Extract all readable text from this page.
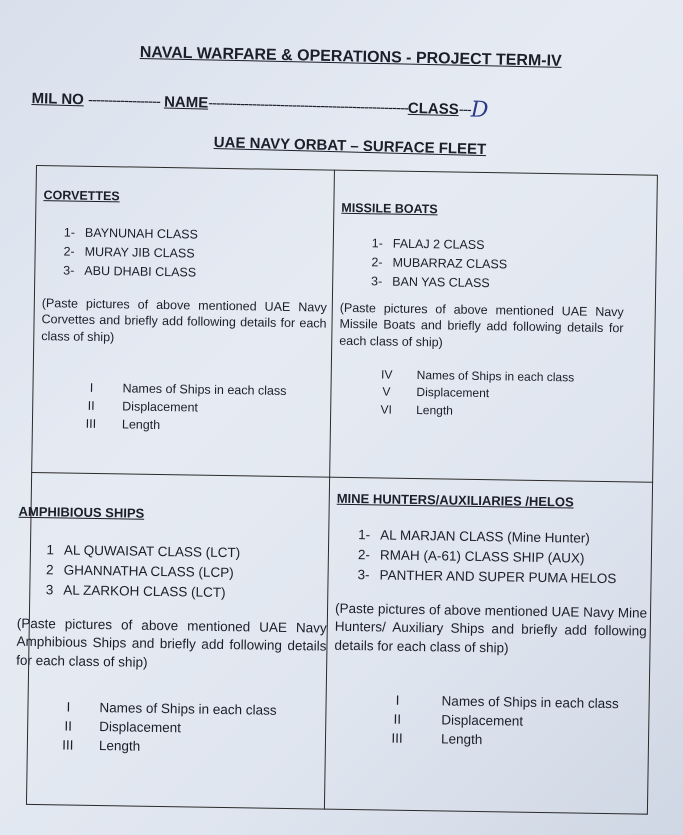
NAVAL WARFARE & OPERATIONS - PROJECT TERM-IV
MIL NO ------------------ NAME--------------------------------------------------CLASS---D
UAE NAVY ORBAT – SURFACE FLEET
CORVETTES
1- BAYNUNAH CLASS
2- MURAY JIB CLASS
3- ABU DHABI CLASS

(Paste pictures of above mentioned UAE Navy Corvettes and briefly add following details for each class of ship)

I	Names of Ships in each class
II	Displacement
III	Length
MISSILE BOATS
1- FALAJ 2 CLASS
2- MUBARRAZ CLASS
3- BAN YAS CLASS

(Paste pictures of above mentioned UAE Navy Missile Boats and briefly add following details for each class of ship)

IV	Names of Ships in each class
V	Displacement
VI	Length
AMPHIBIOUS SHIPS
1 AL QUWAISAT CLASS (LCT)
2 GHANNATHA CLASS (LCP)
3 AL ZARKOH CLASS (LCT)

(Paste pictures of above mentioned UAE Navy Amphibious Ships and briefly add following details for each class of ship)

I	Names of Ships in each class
II	Displacement
III	Length
MINE HUNTERS/AUXILIARIES /HELOS
1- AL MARJAN CLASS (Mine Hunter)
2- RMAH (A-61) CLASS SHIP (AUX)
3- PANTHER AND SUPER PUMA HELOS

(Paste pictures of above mentioned UAE Navy Mine Hunters/ Auxiliary Ships and briefly add following details for each class of ship)

I	Names of Ships in each class
II	Displacement
III	Length
